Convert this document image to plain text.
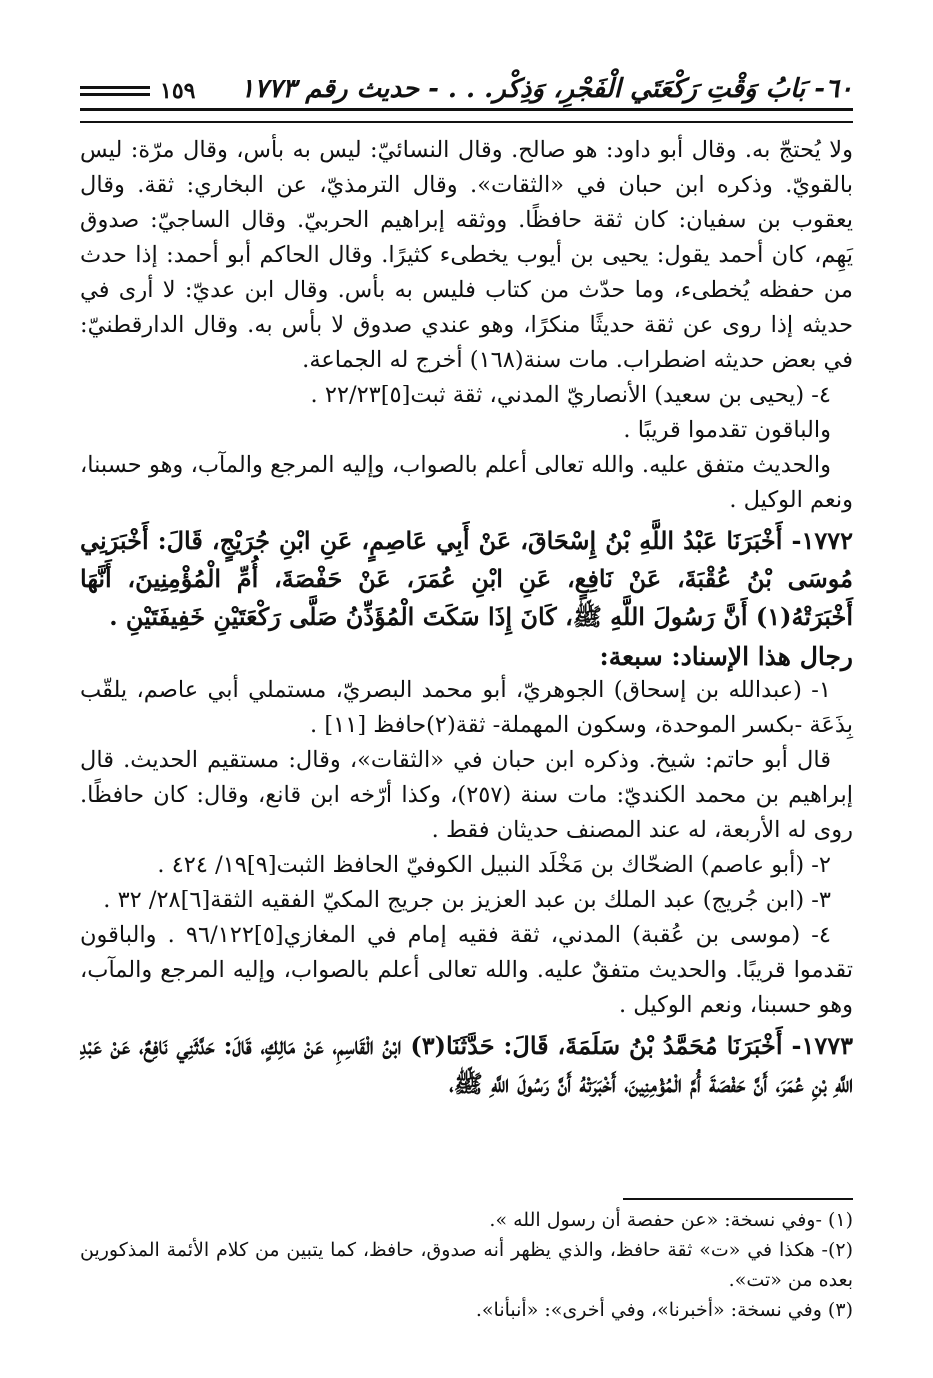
٦٠- بَابُ وَقْتِ رَكْعَتَي الْفَجْرِ، وَذِكْر. . . - حديث رقم ١٧٧٣
١٥٩

ولا يُحتجّ به. وقال أبو داود: هو صالح. وقال النسائيّ: ليس به بأس، وقال مرّة: ليس بالقويّ. وذكره ابن حبان في «الثقات». وقال الترمذيّ، عن البخاري: ثقة. وقال يعقوب بن سفيان: كان ثقة حافظًا. ووثقه إبراهيم الحربيّ. وقال الساجيّ: صدوق يَهِم، كان أحمد يقول: يحيى بن أيوب يخطىء كثيرًا. وقال الحاكم أبو أحمد: إذا حدث من حفظه يُخطىء، وما حدّث من كتاب فليس به بأس. وقال ابن عديّ: لا أرى في حديثه إذا روى عن ثقة حديثًا منكرًا، وهو عندي صدوق لا بأس به. وقال الدارقطنيّ: في بعض حديثه اضطراب. مات سنة(١٦٨) أخرج له الجماعة.

٤- (يحيى بن سعيد) الأنصاريّ المدني، ثقة ثبت[٥]٢٢/٢٣ .

والباقون تقدموا قريبًا .

والحديث متفق عليه. والله تعالى أعلم بالصواب، وإليه المرجع والمآب، وهو حسبنا، ونعم الوكيل .

١٧٧٢- أَخْبَرَنَا عَبْدُ اللَّهِ بْنُ إِسْحَاقَ، عَنْ أَبِي عَاصِمٍ، عَنِ ابْنِ جُرَيْجٍ، قَالَ: أَخْبَرَنِي مُوسَى بْنُ عُقْبَةَ، عَنْ نَافِعٍ، عَنِ ابْنِ عُمَرَ، عَنْ حَفْصَةَ، أُمِّ الْمُؤْمِنِينَ، أَنَّهَا أَخْبَرَتْهُ(١) أَنَّ رَسُولَ اللَّهِ ﷺ، كَانَ إِذَا سَكَتَ الْمُؤَذِّنُ صَلَّى رَكْعَتَيْنِ خَفِيفَتَيْنِ .

رجال هذا الإسناد: سبعة:

١- (عبدالله بن إسحاق) الجوهريّ، أبو محمد البصريّ، مستملي أبي عاصم، يلقّب بِذَعَة -بكسر الموحدة، وسكون المهملة- ثقة(٢)حافظ [١١] .

قال أبو حاتم: شيخ. وذكره ابن حبان في «الثقات»، وقال: مستقيم الحديث. قال إبراهيم بن محمد الكنديّ: مات سنة (٢٥٧)، وكذا أرّخه ابن قانع، وقال: كان حافظًا. روى له الأربعة، له عند المصنف حديثان فقط .

٢- (أبو عاصم) الضحّاك بن مَخْلَد النبيل الكوفيّ الحافظ الثبت[٩]١٩/ ٤٢٤ .

٣- (ابن جُريج) عبد الملك بن عبد العزيز بن جريج المكيّ الفقيه الثقة[٦]٢٨/ ٣٢ .

٤- (موسى بن عُقبة) المدني، ثقة فقيه إمام في المغازي[٥]٩٦/١٢٢ . والباقون تقدموا قريبًا. والحديث متفقٌ عليه. والله تعالى أعلم بالصواب، وإليه المرجع والمآب، وهو حسبنا، ونعم الوكيل .

١٧٧٣- أَخْبَرَنَا مُحَمَّدُ بْنُ سَلَمَةَ، قَالَ: حَدَّثَنَا(٣) ابْنُ الْقَاسِمِ، عَنْ مَالِكٍ، قَالَ: حَدَّثَنِي نَافِعٌ، عَنْ عَبْدِ اللَّهِ بْنِ عُمَرَ، أَنَّ حَفْصَةَ أُمَّ الْمُؤْمِنِينَ، أَخْبَرَتْهُ أَنَّ رَسُولَ اللَّهِ ﷺ،

(١) -وفي نسخة: «عن حفصة أن رسول الله ».

(٢)- هكذا في «ت» ثقة حافظ، والذي يظهر أنه صدوق، حافظ، كما يتبين من كلام الأئمة المذكورين بعده من «تت».

(٣) وفي نسخة: «أخبرنا»، وفي أخرى»: «أنبأنا».
